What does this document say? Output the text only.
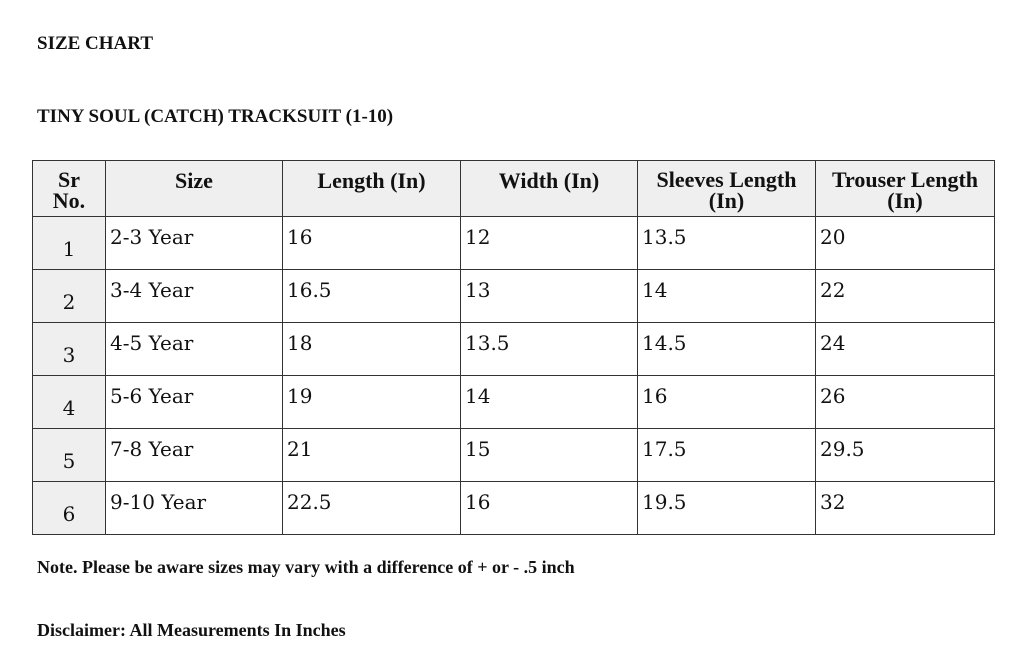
SIZE CHART
TINY SOUL (CATCH) TRACKSUIT (1-10)
Sr No.	Size	Length (In)	Width (In)	Sleeves Length (In)	Trouser Length (In)

1	2-3 Year	16	12	13.5	20
2	3-4 Year	16.5	13	14	22
3	4-5 Year	18	13.5	14.5	24
4	5-6 Year	19	14	16	26
5	7-8 Year	21	15	17.5	29.5
6	9-10 Year	22.5	16	19.5	32
Note. Please be aware sizes may vary with a difference of + or - .5 inch
Disclaimer: All Measurements In Inches
